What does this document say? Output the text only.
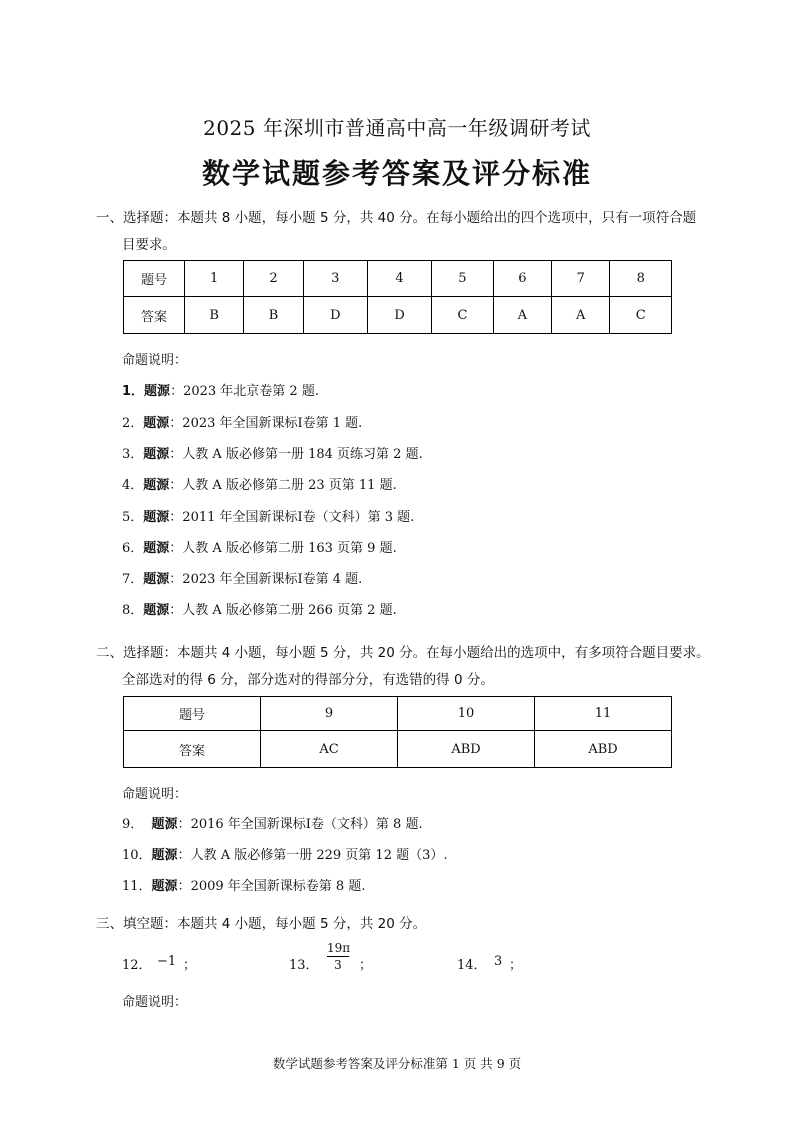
2025 年深圳市普通高中高一年级调研考试
数学试题参考答案及评分标准
一、选择题：本题共 8 小题，每小题 5 分，共 40 分。在每小题给出的四个选项中，只有一项符合题
目要求。
题号	1	2	3	4	5	6	7	8
答案	B	B	D	D	C	A	A	C
命题说明：
1．题源：2023 年北京卷第 2 题.
2．题源：2023 年全国新课标I卷第 1 题.
3．题源：人教 A 版必修第一册 184 页练习第 2 题.
4．题源：人教 A 版必修第二册 23 页第 11 题.
5．题源：2011 年全国新课标I卷（文科）第 3 题.
6．题源：人教 A 版必修第二册 163 页第 9 题.
7．题源：2023 年全国新课标I卷第 4 题.
8．题源：人教 A 版必修第二册 266 页第 2 题.
二、选择题：本题共 4 小题，每小题 5 分，共 20 分。在每小题给出的选项中，有多项符合题目要求。
全部选对的得 6 分，部分选对的得部分分，有选错的得 0 分。
题号	9	10	11
答案	AC	ABD	ABD
命题说明：
9． 题源：2016 年全国新课标I卷（文科）第 8 题.
10．题源：人教 A 版必修第一册 229 页第 12 题（3）.
11．题源：2009 年全国新课标卷第 8 题.
三、填空题：本题共 4 小题，每小题 5 分，共 20 分。
12． −1 ；	13． $\frac{19\pi}{3}$ ；	14． 3 ；
命题说明：
数学试题参考答案及评分标准第 1 页 共 9 页
